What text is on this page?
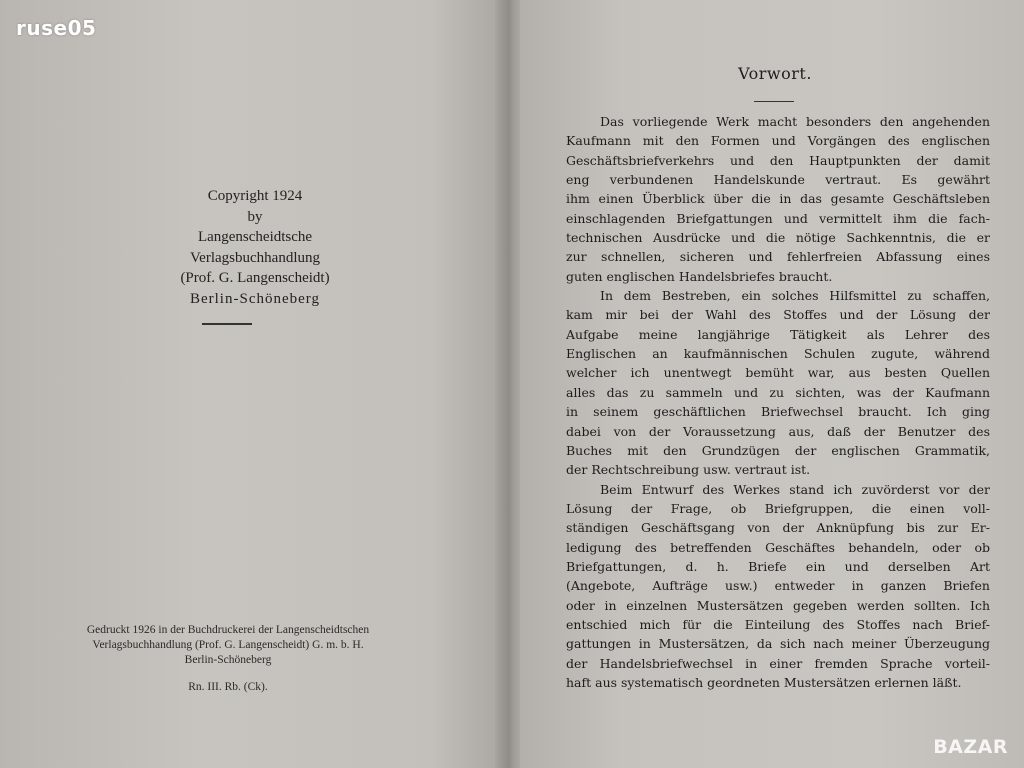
ruse05
Copyright 1924
by
Langenscheidtsche
Verlagsbuchhandlung
(Prof. G. Langenscheidt)
Berlin-Schöneberg
Gedruckt 1926 in der Buchdruckerei der Langenscheidtschen
Verlagsbuchhandlung (Prof. G. Langenscheidt) G. m. b. H.
Berlin-Schöneberg
Rn. III. Rb. (Ck).
Vorwort.
Das vorliegende Werk macht besonders den angehenden
Kaufmann mit den Formen und Vorgängen des englischen
Geschäftsbriefverkehrs und den Hauptpunkten der damit
eng verbundenen Handelskunde vertraut. Es gewährt
ihm einen Überblick über die in das gesamte Geschäftsleben
einschlagenden Briefgattungen und vermittelt ihm die fach-
technischen Ausdrücke und die nötige Sachkenntnis, die er
zur schnellen, sicheren und fehlerfreien Abfassung eines
guten englischen Handelsbriefes braucht.
In dem Bestreben, ein solches Hilfsmittel zu schaffen,
kam mir bei der Wahl des Stoffes und der Lösung der
Aufgabe meine langjährige Tätigkeit als Lehrer des
Englischen an kaufmännischen Schulen zugute, während
welcher ich unentwegt bemüht war, aus besten Quellen
alles das zu sammeln und zu sichten, was der Kaufmann
in seinem geschäftlichen Briefwechsel braucht. Ich ging
dabei von der Voraussetzung aus, daß der Benutzer des
Buches mit den Grundzügen der englischen Grammatik,
der Rechtschreibung usw. vertraut ist.
Beim Entwurf des Werkes stand ich zuvörderst vor der
Lösung der Frage, ob Briefgruppen, die einen voll-
ständigen Geschäftsgang von der Anknüpfung bis zur Er-
ledigung des betreffenden Geschäftes behandeln, oder ob
Briefgattungen, d. h. Briefe ein und derselben Art
(Angebote, Aufträge usw.) entweder in ganzen Briefen
oder in einzelnen Mustersätzen gegeben werden sollten. Ich
entschied mich für die Einteilung des Stoffes nach Brief-
gattungen in Mustersätzen, da sich nach meiner Überzeugung
der Handelsbriefwechsel in einer fremden Sprache vorteil-
haft aus systematisch geordneten Mustersätzen erlernen läßt.
BAZAR
